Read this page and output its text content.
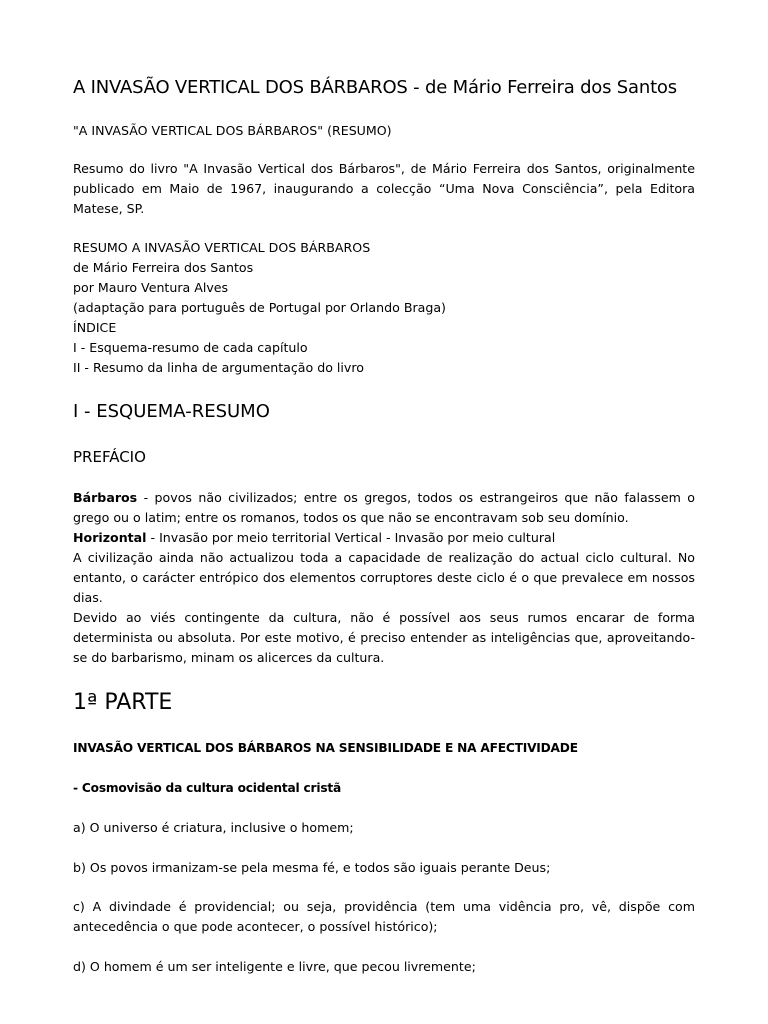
A INVASÃO VERTICAL DOS BÁRBAROS - de Mário Ferreira dos Santos

"A INVASÃO VERTICAL DOS BÁRBAROS" (RESUMO)

Resumo do livro "A Invasão Vertical dos Bárbaros", de Mário Ferreira dos Santos, originalmente publicado em Maio de 1967, inaugurando a colecção “Uma Nova Consciência”, pela Editora Matese, SP.

RESUMO A INVASÃO VERTICAL DOS BÁRBAROS
de Mário Ferreira dos Santos
por Mauro Ventura Alves
(adaptação para português de Portugal por Orlando Braga)
ÍNDICE
I - Esquema-resumo de cada capítulo
II - Resumo da linha de argumentação do livro
I - ESQUEMA-RESUMO
PREFÁCIO
Bárbaros - povos não civilizados; entre os gregos, todos os estrangeiros que não falassem o grego ou o latim; entre os romanos, todos os que não se encontravam sob seu domínio.
Horizontal - Invasão por meio territorial Vertical - Invasão por meio cultural
A civilização ainda não actualizou toda a capacidade de realização do actual ciclo cultural. No entanto, o carácter entrópico dos elementos corruptores deste ciclo é o que prevalece em nossos dias.
Devido ao viés contingente da cultura, não é possível aos seus rumos encarar de forma determinista ou absoluta. Por este motivo, é preciso entender as inteligências que, aproveitando-se do barbarismo, minam os alicerces da cultura.
1ª PARTE
INVASÃO VERTICAL DOS BÁRBAROS NA SENSIBILIDADE E NA AFECTIVIDADE
- Cosmovisão da cultura ocidental cristã

a) O universo é criatura, inclusive o homem;

b) Os povos irmanizam-se pela mesma fé, e todos são iguais perante Deus;

c) A divindade é providencial; ou seja, providência (tem uma vidência pro, vê, dispõe com antecedência o que pode acontecer, o possível histórico);

d) O homem é um ser inteligente e livre, que pecou livremente;
